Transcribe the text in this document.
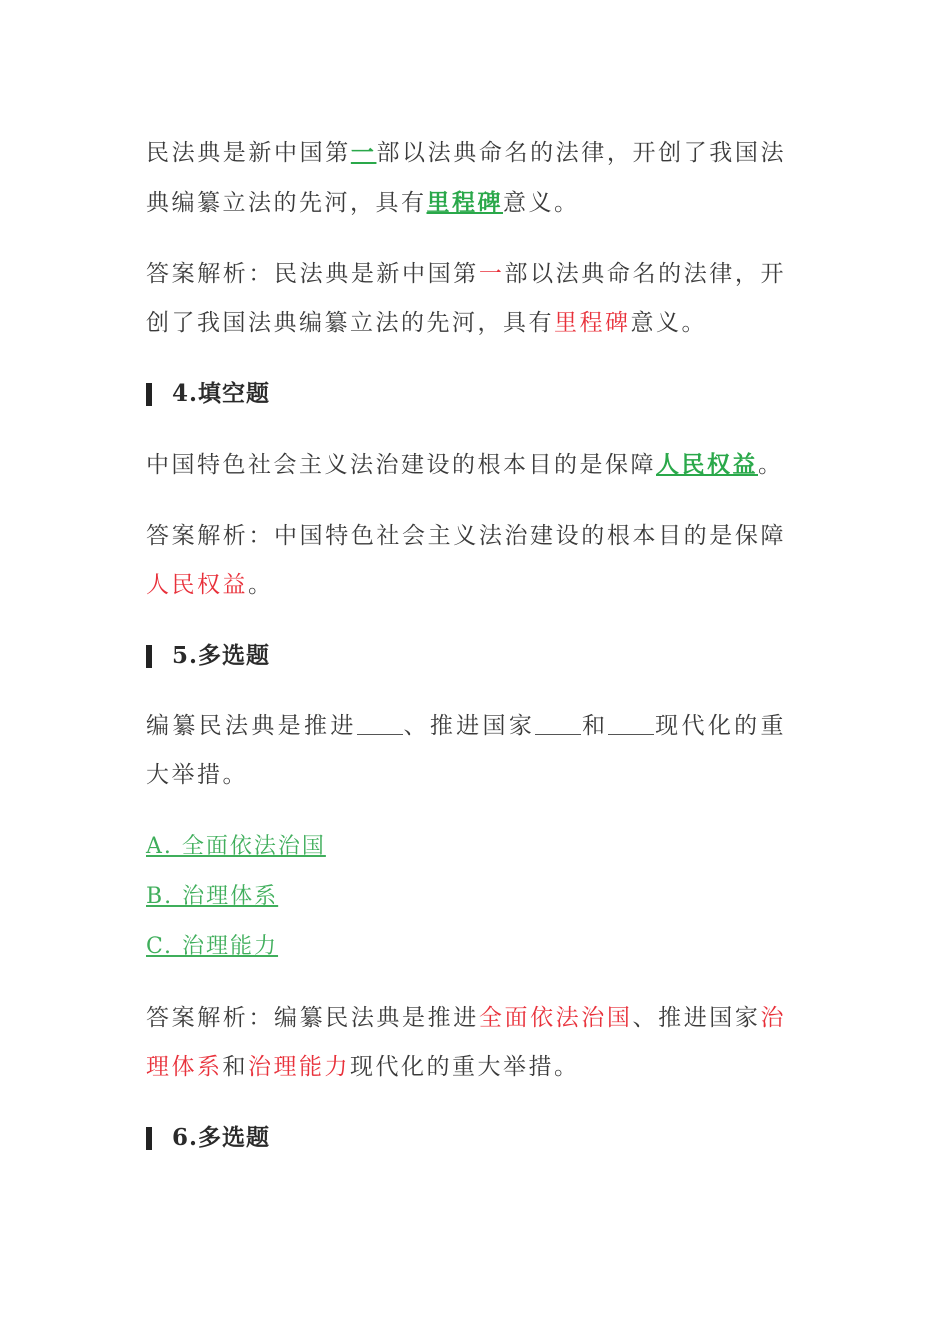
民法典是新中国第一部以法典命名的法律，开创了我国法典编纂立法的先河，具有里程碑意义。

答案解析：民法典是新中国第一部以法典命名的法律，开创了我国法典编纂立法的先河，具有里程碑意义。

4.填空题

中国特色社会主义法治建设的根本目的是保障人民权益。

答案解析：中国特色社会主义法治建设的根本目的是保障人民权益。

5.多选题

编纂民法典是推进 、推进国家 和 现代化的重大举措。

A. 全面依法治国
B. 治理体系
C. 治理能力

答案解析：编纂民法典是推进全面依法治国、推进国家治理体系和治理能力现代化的重大举措。

6.多选题
